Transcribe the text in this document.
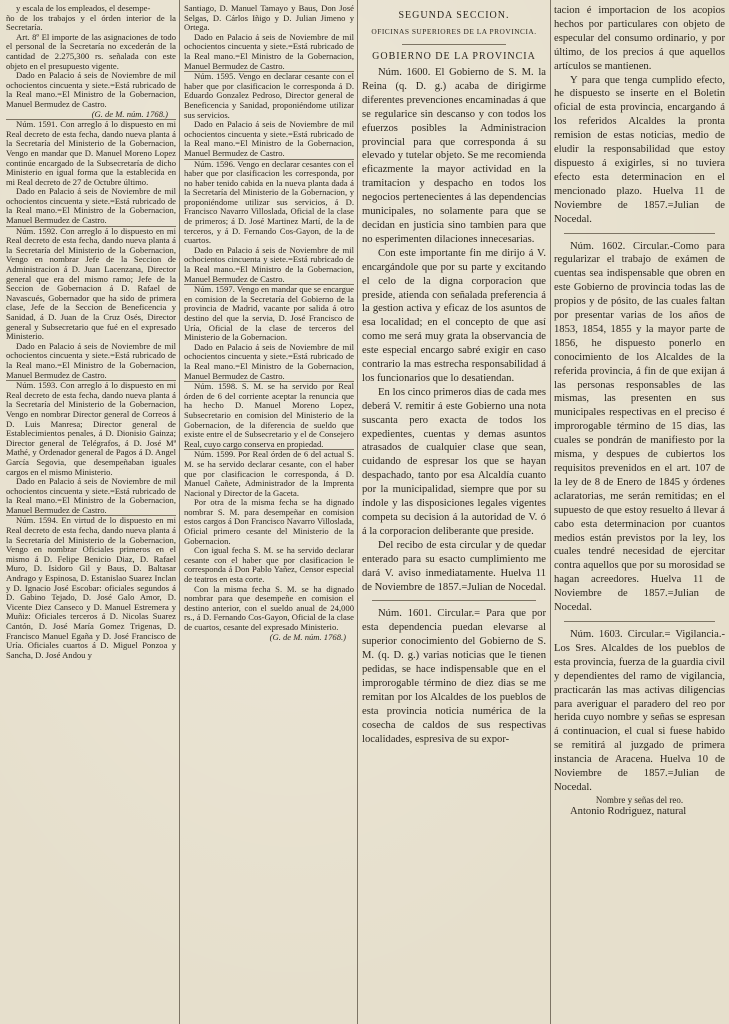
y escala de los empleados, el desempe-

ño de los trabajos y el órden interior de la Secretaría.

Art. 8º El importe de las asignaciones de todo el personal de la Secretaría no excederán de la cantidad de 2.275,300 rs. señalada con este objeto en el presupuesto vigente.

Dado en Palacio á seis de Noviembre de mil ochocientos cincuenta y siete.=Está rubricado de la Real mano.=El Ministro de la Gobernacion, Manuel Bermudez de Castro.

(G. de M. núm. 1768.)

Núm. 1591. Con arreglo á lo dispuesto en mi Real decreto de esta fecha, dando nueva planta á la Secretaría del Ministerio de la Gobernacion, Vengo en mandar que D. Manuel Moreno Lopez continúe encargado de la Subsecretaría de dicho Ministerio en igual forma que la establecida en mi Real decreto de 27 de Octubre último.

Dado en Palacio á seis de Noviembre de mil ochocientos cincuenta y siete.=Está rubricado de la Real mano.=El Ministro de la Gobernacion, Manuel Bermudez de Castro.

Núm. 1592. Con arreglo á lo dispuesto en mi Real decreto de esta fecha, dando nueva planta á la Secretaría del Ministerio de la Gobernacion, Vengo en nombrar Jefe de la Seccion de Administracion á D. Juan Lacenzana, Director general que era del mismo ramo; Jefe de la Seccion de Gobernacion á D. Rafael de Navascués, Gobernador que ha sido de primera clase, Jefe de la Seccion de Beneficencia y Sanidad, á D. Juan de la Cruz Osés, Director general y Subsecretario que fué en el expresado Ministerio.

Dado en Palacio á seis de Noviembre de mil ochocientos cincuenta y siete.=Está rubricado de la Real mano.=El Ministro de la Gobernacion, Manuel Bermudez de Castro.

Núm. 1593. Con arreglo á lo dispuesto en mi Real decreto de esta fecha, dando nueva planta á la Secretaría del Ministerio de la Gobernacion, Vengo en nombrar Director general de Correos á D. Luis Manresa; Director general de Establecimientos penales, á D. Dionisio Gainza; Director general de Telégrafos, á D. José Mª Mathé, y Ordenador general de Pagos á D. Angel García Segovia, que desempeñaban iguales cargos en el mismo Ministerio.

Dado en Palacio á seis de Noviembre de mil ochocientos cincuenta y siete.=Está rubricado de la Real mano.=El Ministro de la Gobernacion, Manuel Bermudez de Castro.

Núm. 1594. En virtud de lo dispuesto en mi Real decreto de esta fecha, dando nueva planta á la Secretaría del Ministerio de la Gobernacion, Vengo en nombrar Oficiales primeros en el mismo á D. Felipe Benicio Diaz, D. Rafael Muro, D. Isidoro Gil y Baus, D. Baltasar Andrago y Espinosa, D. Estanislao Suarez Inclan y D. Ignacio José Escobar: oficiales segundos á D. Gabino Tejado, D. José Galo Amor, D. Vicente Diez Canseco y D. Manuel Estremera y Muñiz: Oficiales terceros á D. Nicolas Suarez Cantón, D. José María Gomez Trigenas, D. Francisco Manuel Egaña y D. José Francisco de Uría. Oficiales cuartos á D. Miguel Ponzoa y Sancha, D. José Andou y

Santiago, D. Manuel Tamayo y Baus, Don José Selgas, D. Cárlos Iñigo y D. Julian Jimeno y Ortega.

Dado en Palacio á seis de Noviembre de mil ochocientos cincuenta y siete.=Está rubricado de la Real mano.=El Ministro de la Gobernacion, Manuel Bermudez de Castro.

Núm. 1595. Vengo en declarar cesante con el haber que por clasificacion le corresponda á D. Eduardo Gonzalez Pedroso, Director general de Beneficencia y Sanidad, proponiéndome utilizar sus servicios.

Dado en Palacio á seis de Noviembre de mil ochocientos cincuenta y siete.=Está rubricado de la Real mano.=El Ministro de la Gobernacion, Manuel Bermudez de Castro.

Núm. 1596. Vengo en declarar cesantes con el haber que por clasificacion les corresponda, por no haber tenido cabida en la nueva planta dada á la Secretaría del Ministerio de la Gobernacion, y proponiéndome utilizar sus servicios, á D. Francisco Navarro Villoslada, Oficial de la clase de primeros; á D. José Martinez Martí, de la de terceros, y á D. Fernando Cos-Gayon, de la de cuartos.

Dado en Palacio á seis de Noviembre de mil ochocientos cincuenta y siete.=Está rubricado de la Real mano.=El Ministro de la Gobernacion, Manuel Bermudez de Castro.

Núm. 1597. Vengo en mandar que se encargue en comision de la Secretaría del Gobierno de la provincia de Madrid, vacante por salida á otro destino del que la servia, D. José Francisco de Uría, Oficial de la clase de terceros del Ministerio de la Gobernacion.

Dado en Palacio á seis de Noviembre de mil ochocientos cincuenta y siete.=Está rubricado de la Real mano.=El Ministro de la Gobernacion, Manuel Bermudez de Castro.

Núm. 1598. S. M. se ha servido por Real órden de 6 del corriente aceptar la renuncia que ha hecho D. Manuel Moreno Lopez, Subsecretario en comision del Ministerio de la Gobernacion, de la diferencia de sueldo que existe entre el de Subsecretario y el de Consejero Real, cuyo cargo conserva en propiedad.

Núm. 1599. Por Real órden de 6 del actual S. M. se ha servido declarar cesante, con el haber que por clasificacion le corresponda, á D. Manuel Cañete, Administrador de la Imprenta Nacional y Director de la Gaceta.

Por otra de la misma fecha se ha dignado nombrar S. M. para desempeñar en comision estos cargos á Don Francisco Navarro Villoslada, Oficial primero cesante del Ministerio de la Gobernacion.

Con igual fecha S. M. se ha servido declarar cesante con el haber que por clasificacion le corresponda á Don Pablo Yañez, Censor especial de teatros en esta corte.

Con la misma fecha S. M. se ha dignado nombrar para que desempeñe en comision el destino anterior, con el sueldo anual de 24,000 rs., á D. Fernando Cos-Gayon, Oficial de la clase de cuartos, cesante del expresado Ministerio.

(G. de M. núm. 1768.)
SEGUNDA SECCION.
OFICINAS SUPERIORES DE LA PROVINCIA.
GOBIERNO DE LA PROVINCIA

Núm. 1600. El Gobierno de S. M. la Reina (q. D. g.) acaba de dirigirme diferentes prevenciones encaminadas á que se regularice sin descanso y con todos los efuerzos posibles la Administracion provincial para que corresponda á su elevado y tutelar objeto. Se me recomienda eficazmente la mayor actividad en la tramitacion y despacho en todos los negocios pertenecientes á las dependencias municipales, no solamente para que se decidan en justicia sino tambien para que no esperimenten dilaciones innecesarias.

Con este importante fin me dirijo á V. encargándole que por su parte y excitando el celo de la digna corporacion que preside, atienda con señalada preferencia á la gestion activa y eficaz de los asuntos de esa localidad; en el concepto de que así como me será muy grata la observancia de este especial encargo sabré exigir en caso contrario la mas estrecha responsabilidad á los funcionarios que lo desatiendan.

En los cinco primeros dias de cada mes deberá V. remitir á este Gobierno una nota suscanta pero exacta de todos los expedientes, cuentas y demas asuntos atrasados de cualquier clase que sean, cuidando de espresar los que se hayan despachado, tanto por esa Alcaldía cuanto por la municipalidad, siempre que por su índole y las disposiciones legales vigentes competa su decision á la autoridad de V. ó á la corporacion deliberante que preside.

Del recibo de esta circular y de quedar enterado para su esacto cumplimiento me dará V. aviso inmediatamente. Huelva 11 de Noviembre de 1857.=Julian de Nocedal.

Núm. 1601. Circular.= Para que por esta dependencia puedan elevarse al superior conocimiento del Gobierno de S. M. (q. D. g.) varias noticias que le tienen pedidas, se hace indispensable que en el improrogable término de diez dias se me remitan por los Alcaldes de los pueblos de esta provincia noticia numérica de la cosecha de caldos de sus respectivas localidades, espresiva de su expor-

tacion é importacion de los acopios hechos por particulares con objeto de especular del consumo ordinario, y por último, de los precios á que aquellos artículos se mantienen.

Y para que tenga cumplido efecto, he dispuesto se inserte en el Boletin oficial de esta provincia, encargando á los referidos Alcaldes la pronta remision de estas noticias, medio de eludir la responsabilidad que estoy dispuesto á exigirles, si no tuviera efecto esta determinacion en el mencionado plazo. Huelva 11 de Noviembre de 1857.=Julian de Nocedal.

Núm. 1602. Circular.-Como para regularizar el trabajo de exámen de cuentas sea indispensable que obren en este Gobierno de provincia todas las de propios y de pósito, de las cuales faltan por presentar varias de los años de 1853, 1854, 1855 y la mayor parte de 1856, he dispuesto ponerlo en conocimiento de los Alcaldes de la referida provincia, á fin de que exijan á las personas responsables de las mismas, las presenten en sus municipales respectivas en el preciso é improrogable término de 15 dias, las cuales se pondrán de manifiesto por la misma, y despues de cubiertos los requisitos prevenidos en el art. 107 de la ley de 8 de Enero de 1845 y órdenes aclaratorias, me serán remitidas; en el supuesto de que estoy resuelto á llevar á cabo esta determinacion por cuantos medios están previstos por la ley, los cuales tendré necesidad de ejercitar contra aquellos que por su morosidad se hagan acreedores. Huelva 11 de Noviembre de 1857.=Julian de Nocedal.

Núm. 1603. Circular.= Vigilancia.- Los Sres. Alcaldes de los pueblos de esta provincia, fuerza de la guardia civil y dependientes del ramo de vigilancia, practicarán las mas activas diligencias para averiguar el paradero del reo por herida cuyo nombre y señas se espresan á continuacion, el cual si fuese habido se remitirá al juzgado de primera instancia de Aracena. Huelva 10 de Noviembre de 1857.=Julian de Nocedal.

Nombre y señas del reo.

Antonio Rodriguez, natural
